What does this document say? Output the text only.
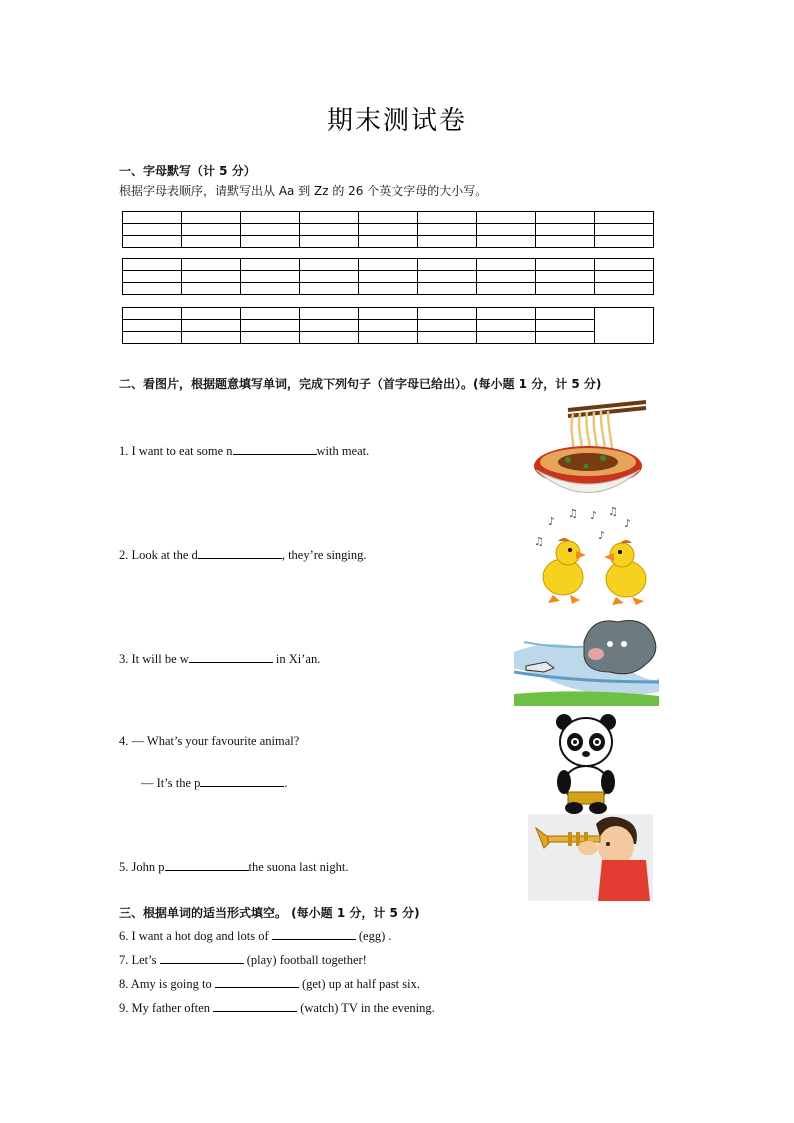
期末测试卷
一、字母默写（计 5 分）
根据字母表顺序，请默写出从 Aa 到 Zz 的 26 个英文字母的大小写。

二、看图片，根据题意填写单词，完成下列句子（首字母已给出）。(每小题 1 分，计 5 分)
1. I want to eat some n	with meat.
2. Look at the d	, they’re singing.
3. It will be w	in Xi’an.
4. — What’s your favourite animal?
— It’s the p	.
5. John p	the suona last night.
♪
♫ ♪ ♫
♪
♫	♪
三、根据单词的适当形式填空。 (每小题 1 分，计 5 分)
6. I want a hot dog and lots of	(egg) .
7. Let’s	(play) football together!
8. Amy is going to	(get) up at half past six.
9. My father often	(watch) TV in the evening.
